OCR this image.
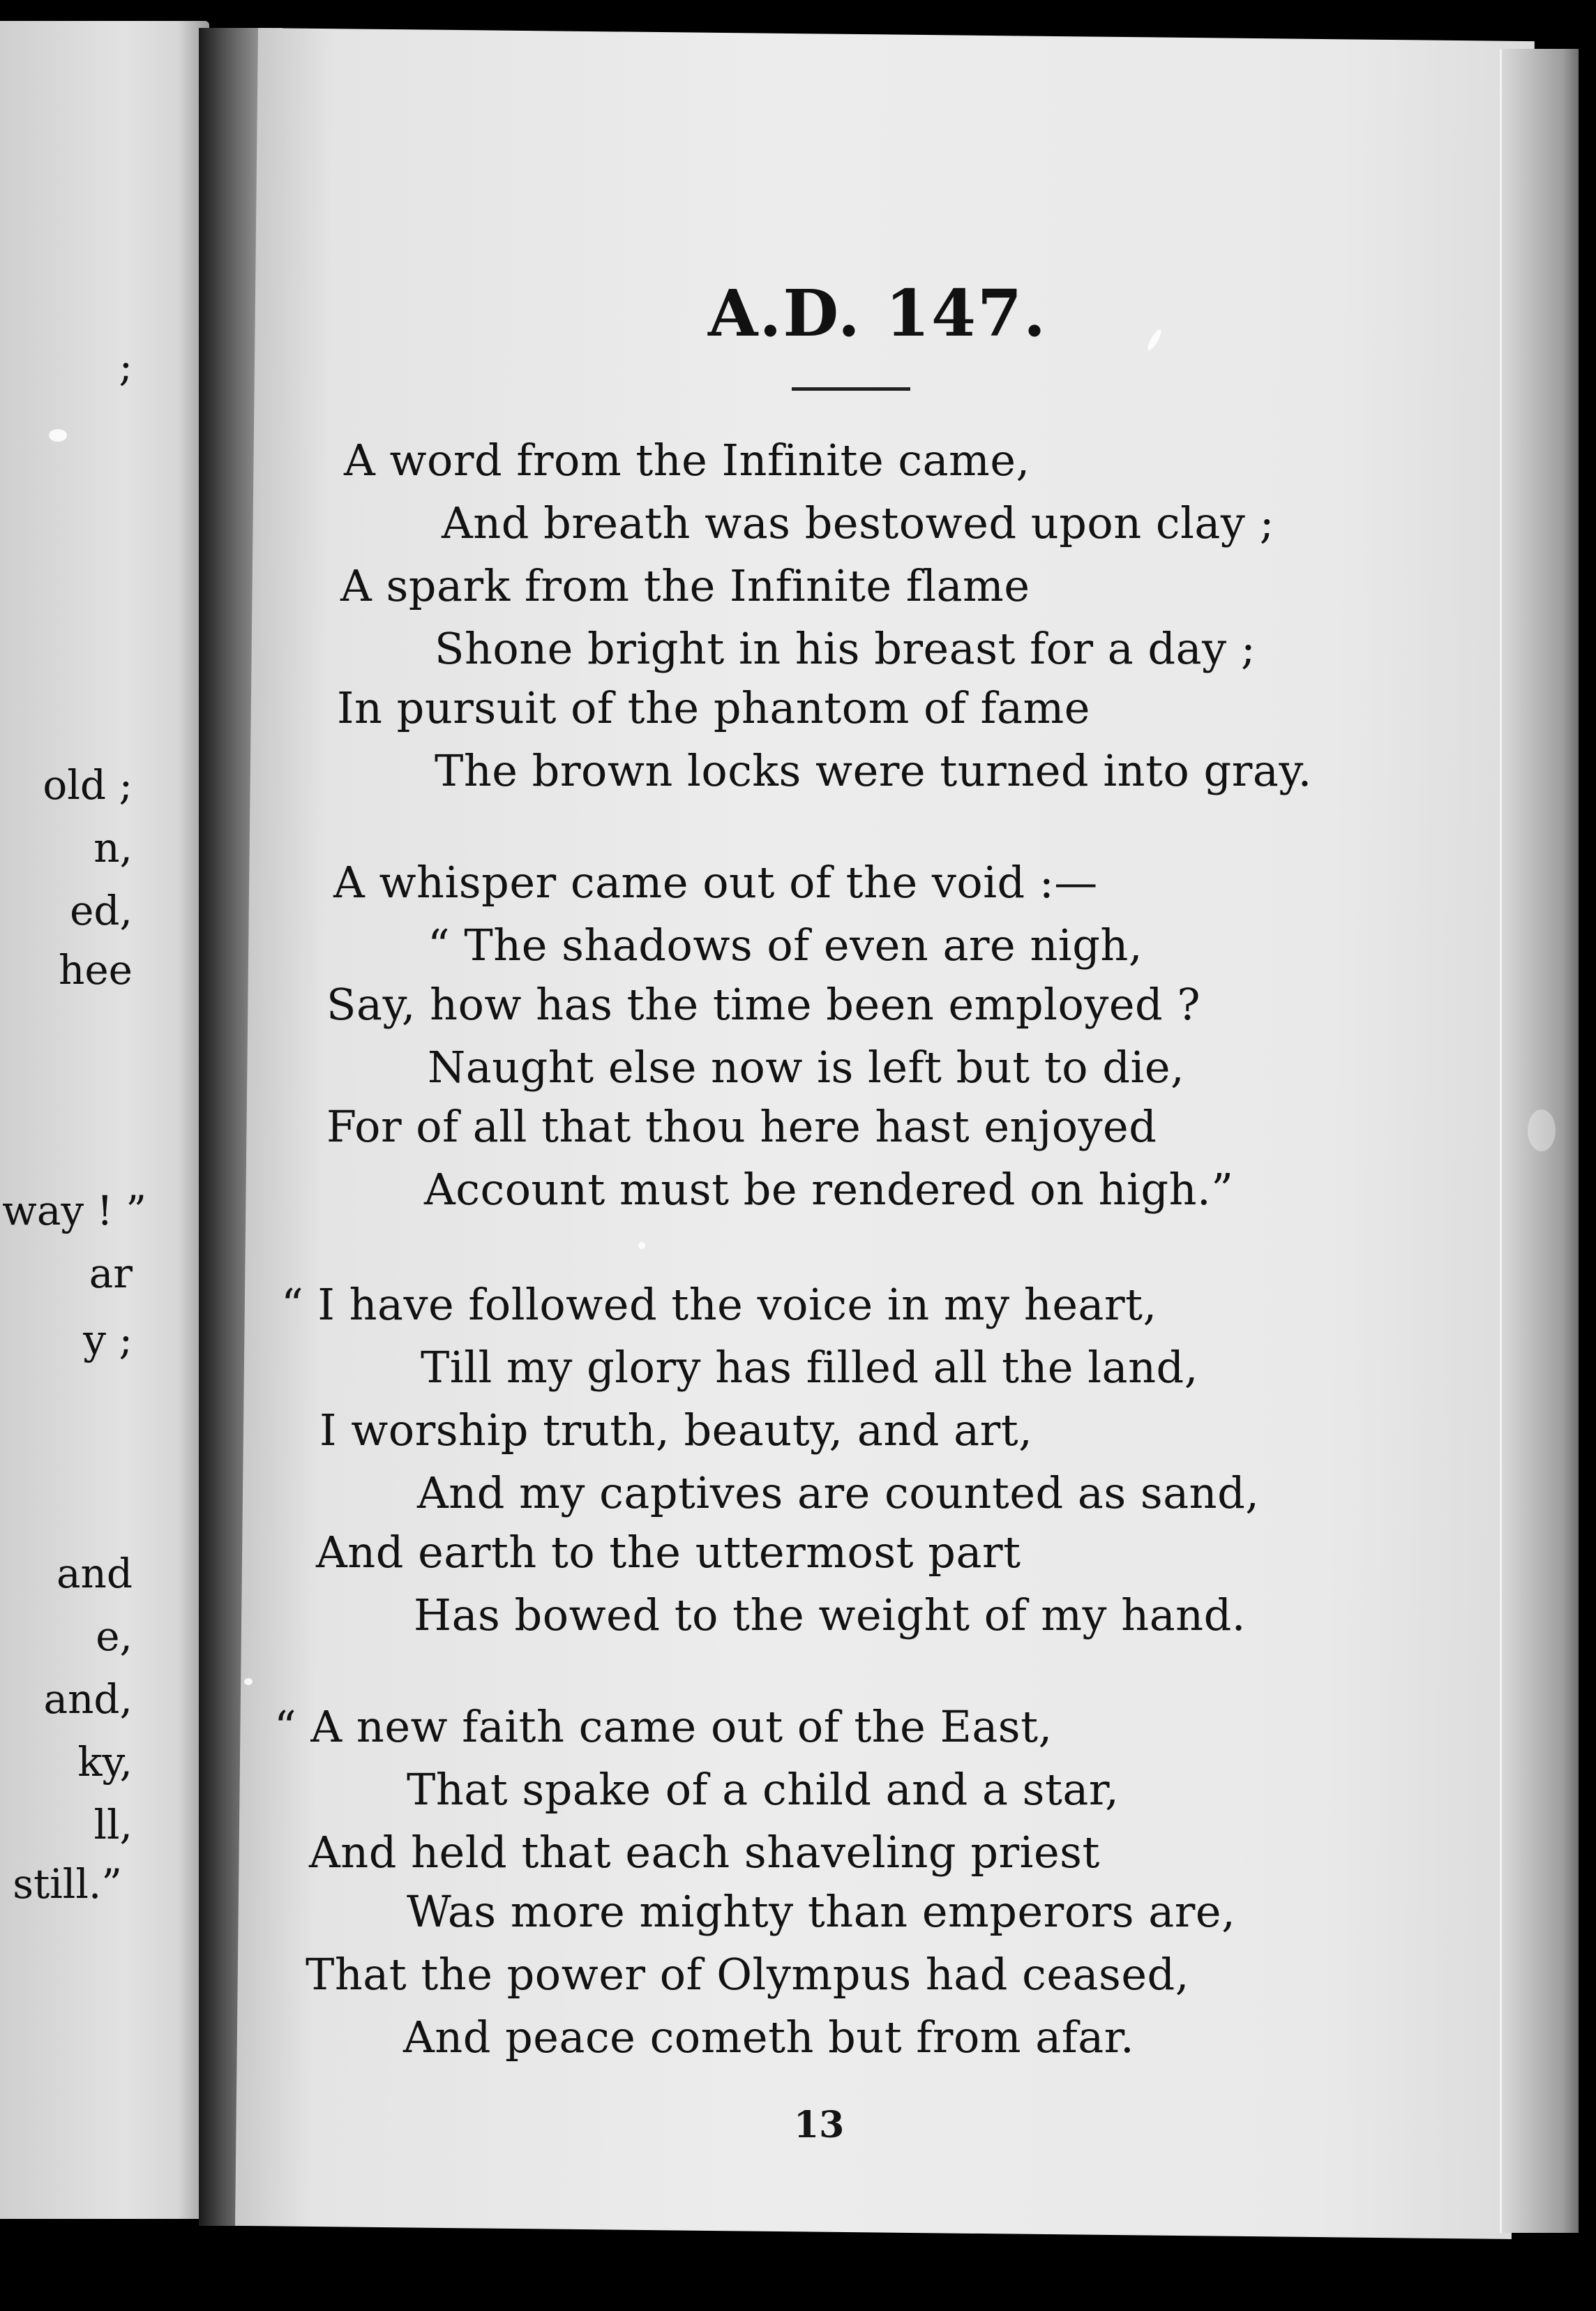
;
old ;
n,
ed,
hee
way ! ”
ar
y ;
and
e,
and,
ky,
ll,
still.”
A.D. 147.
A word from the Infinite came,
And breath was bestowed upon clay ;
A spark from the Infinite flame
Shone bright in his breast for a day ;
In pursuit of the phantom of fame
The brown locks were turned into gray.
A whisper came out of the void :—
“ The shadows of even are nigh,
Say, how has the time been employed ?
Naught else now is left but to die,
For of all that thou here hast enjoyed
Account must be rendered on high.”
“ I have followed the voice in my heart,
Till my glory has filled all the land,
I worship truth, beauty, and art,
And my captives are counted as sand,
And earth to the uttermost part
Has bowed to the weight of my hand.
“ A new faith came out of the East,
That spake of a child and a star,
And held that each shaveling priest
Was more mighty than emperors are,
That the power of Olympus had ceased,
And peace cometh but from afar.
13
